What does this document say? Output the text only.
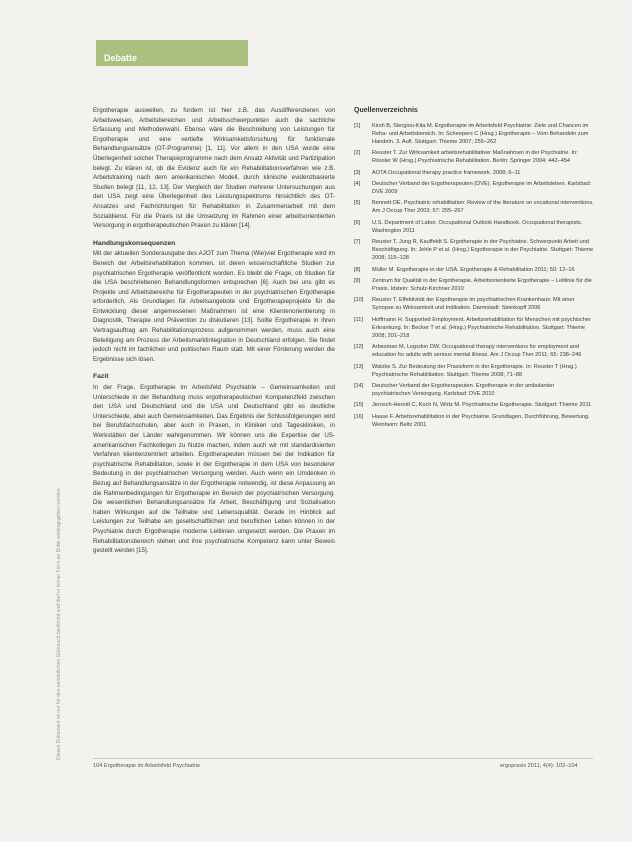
Debatte
Dieses Dokument ist nur für den persönlichen Gebrauch bestimmt und darf in keiner Form an Dritte weitergegeben werden.

Ergotherapie ausweiten, zu fordern ist hier z.B. das Ausdifferenzieren von Arbeitsweisen, Arbeitsbereichen und Arbeitsschwerpunkten auch die sachliche Erfassung und Methodenwahl. Ebenso wäre die Beschreibung von Leistungen für Ergotherapie und eine vertiefte Wirksamkeitsforschung für funktionale Behandlungsansätze (OT-Programme) [1, 11]. Vor allem in den USA wurde eine Überlegenheit solcher Therapieprogramme nach dem Ansatz Aktivität und Partizipation belegt. Zu klären ist, ob die Evidenz auch für ein Rehabilitationsverfahren wie z.B. Arbeitstraining nach dem amerikanischen Modell, durch klinische evidenzbasierte Studien belegt [11, 12, 13]. Der Vergleich der Studien mehrerer Untersuchungen aus den USA zeigt eine Überlegenheit des Leistungsspektrums hinsichtlich des OT-Ansatzes und Fachrichtungen für Rehabilitation in Zusammenarbeit mit dem Sozialdienst. Für die Praxis ist die Umsetzung im Rahmen einer arbeitsorientierten Versorgung in ergotherapeutischen Praxen zu klären [14].

Handlungskonsequenzen

Mit der aktuellen Sonderausgabe des AJOT zum Thema (Wie)viel Ergotherapie wird im Bereich der Arbeitsrehabilitation kommen, ist deren wissenschaftliche Studien zur psychiatrischen Ergotherapie veröffentlicht worden. Es bleibt die Frage, ob Studien für die USA beschriebenen Behandlungsformen entsprechen [6]. Auch bei uns gibt es Projekte und Arbeitsbereiche für Ergotherapeuten in der psychiatrischen Ergotherapie erforderlich. Als Grundlagen für Arbeitsangebote und Ergotherapieprojekte für die Entwicklung dieser angemessenen Maßnahmen ist eine Klientenorientierung in Diagnostik, Therapie und Prävention zu diskutieren [13]. Sollte Ergotherapie in ihren Vertragsauftrag am Rehabilitationsprozess aufgenommen werden, muss auch eine Beteiligung am Prozess der Arbeitsmarktintegration in Deutschland erfolgen. Sie findet jedoch nicht im fachlichen und politischen Raum statt. Mit einer Förderung werden die Ergebnisse sich lösen.

Fazit

In der Frage, Ergotherapie im Arbeitsfeld Psychiatrie – Gemeinsamkeiten und Unterschiede in der Behandlung muss ergotherapeutischen Kompetenzfeld zwischen den USA und Deutschland und die USA und Deutschland gibt es deutliche Unterschiede, aber auch Gemeinsamkeiten. Das Ergebnis der Schlussfolgerungen wird bei Berufsfachschulen, aber auch in Praxen, in Kliniken und Tageskliniken, in Werkstätten der Länder wahrgenommen. Wir können uns die Expertise der US-amerikanischen Fachkollegen zu Nutze machen, indem auch wir mit standardisierten Verfahren klientenzentriert arbeiten. Ergotherapeuten müssen bei der Indikation für psychiatrische Rehabilitation, sowie in der Ergotherapie in dem USA von besonderer Bedeutung in der psychiatrischen Versorgung werden. Auch wenn ein Umdenken in Bezug auf Behandlungsansätze in der Ergotherapie notwendig, ist diese Anpassung an die Rahmenbedingungen für Ergotherapie im Bereich der psychiatrischen Versorgung. Die wesentlichen Behandlungsansätze für Arbeit, Beschäftigung und Sozialisation haben Wirkungen auf die Teilhabe und Lebensqualität. Gerade im Hinblick auf Leistungen zur Teilhabe am gesellschaftlichen und beruflichen Leben können in der Psychiatrie durch Ergotherapie moderne Leitlinien umgesetzt werden. Die Praxen im Rehabilitationsbereich stehen und ihre psychiatrische Kompetenz kann unter Beweis gestellt werden [15].

Quellenverzeichnis
[1] Kirsh B, Stergiou-Kita M. Ergotherapie im Arbeitsfeld Psychiatrie: Ziele und Chancen im Reha- und Arbeitsbereich. In: Scheepers C (Hrsg.) Ergotherapie – Vom Behandeln zum Handeln. 3. Aufl. Stuttgart: Thieme 2007; 255–262
[2] Reuster T. Zur Wirksamkeit arbeitsrehabilitativer Maßnahmen in der Psychiatrie. In: Rössler W (Hrsg.) Psychiatrische Rehabilitation. Berlin: Springer 2004; 442–454
[3] AOTA Occupational therapy practice framework. 2008; 6–11
[4] Deutscher Verband der Ergotherapeuten (DVE). Ergotherapie im Arbeitsleben. Karlsbad: DVE 2009
[5] Bennett DE. Psychiatric rehabilitation: Review of the literature on vocational interventions. Am J Occup Ther 2003; 57: 255–267
[6] U.S. Department of Labor. Occupational Outlook Handbook. Occupational therapists. Washington 2011
[7] Reuster T, Jung R, Kauffeldt S. Ergotherapie in der Psychiatrie. Schwerpunkt Arbeit und Beschäftigung. In: Jehle P et al. (Hrsg.) Ergotherapie in der Psychiatrie. Stuttgart: Thieme 2008; 115–128
[8] Müller M. Ergotherapie in der USA. Ergotherapie & Rehabilitation 2011; 50: 12–16
[9] Zentrum für Qualität in der Ergotherapie. Arbeitsorientierte Ergotherapie – Leitlinie für die Praxis. Idstein: Schulz-Kirchner 2010
[10] Reuster T. Effektivität der Ergotherapie im psychiatrischen Krankenhaus: Mit einer Synopse zu Wirksamkeit und Indikation. Darmstadt: Steinkopff 2006
[11] Hoffmann H. Supported Employment. Arbeitsrehabilitation für Menschen mit psychischer Erkrankung. In: Becker T et al. (Hrsg.) Psychiatrische Rehabilitation. Stuttgart: Thieme 2008; 201–218
[12] Arbesman M, Logsdon DW. Occupational therapy interventions for employment and education for adults with serious mental illness. Am J Occup Ther 2011; 65: 238–246
[13] Watzke S. Zur Bedeutung der Praxisform in der Ergotherapie. In: Reuster T (Hrsg.) Psychiatrische Rehabilitation. Stuttgart: Thieme 2008; 71–88
[14] Deutscher Verband der Ergotherapeuten. Ergotherapie in der ambulanten psychiatrischen Versorgung. Karlsbad: DVE 2010
[15] Jerosch-Herold C, Koch N, Wirtz M. Psychiatrische Ergotherapie. Stuttgart: Thieme 2011
[16] Haase F. Arbeitsrehabilitation in der Psychiatrie. Grundlagen, Durchführung, Bewertung. Weinheim: Beltz 2001
104 Ergotherapie im Arbeitsfeld Psychiatrie	ergopraxis 2011; 4(4): 102–104
